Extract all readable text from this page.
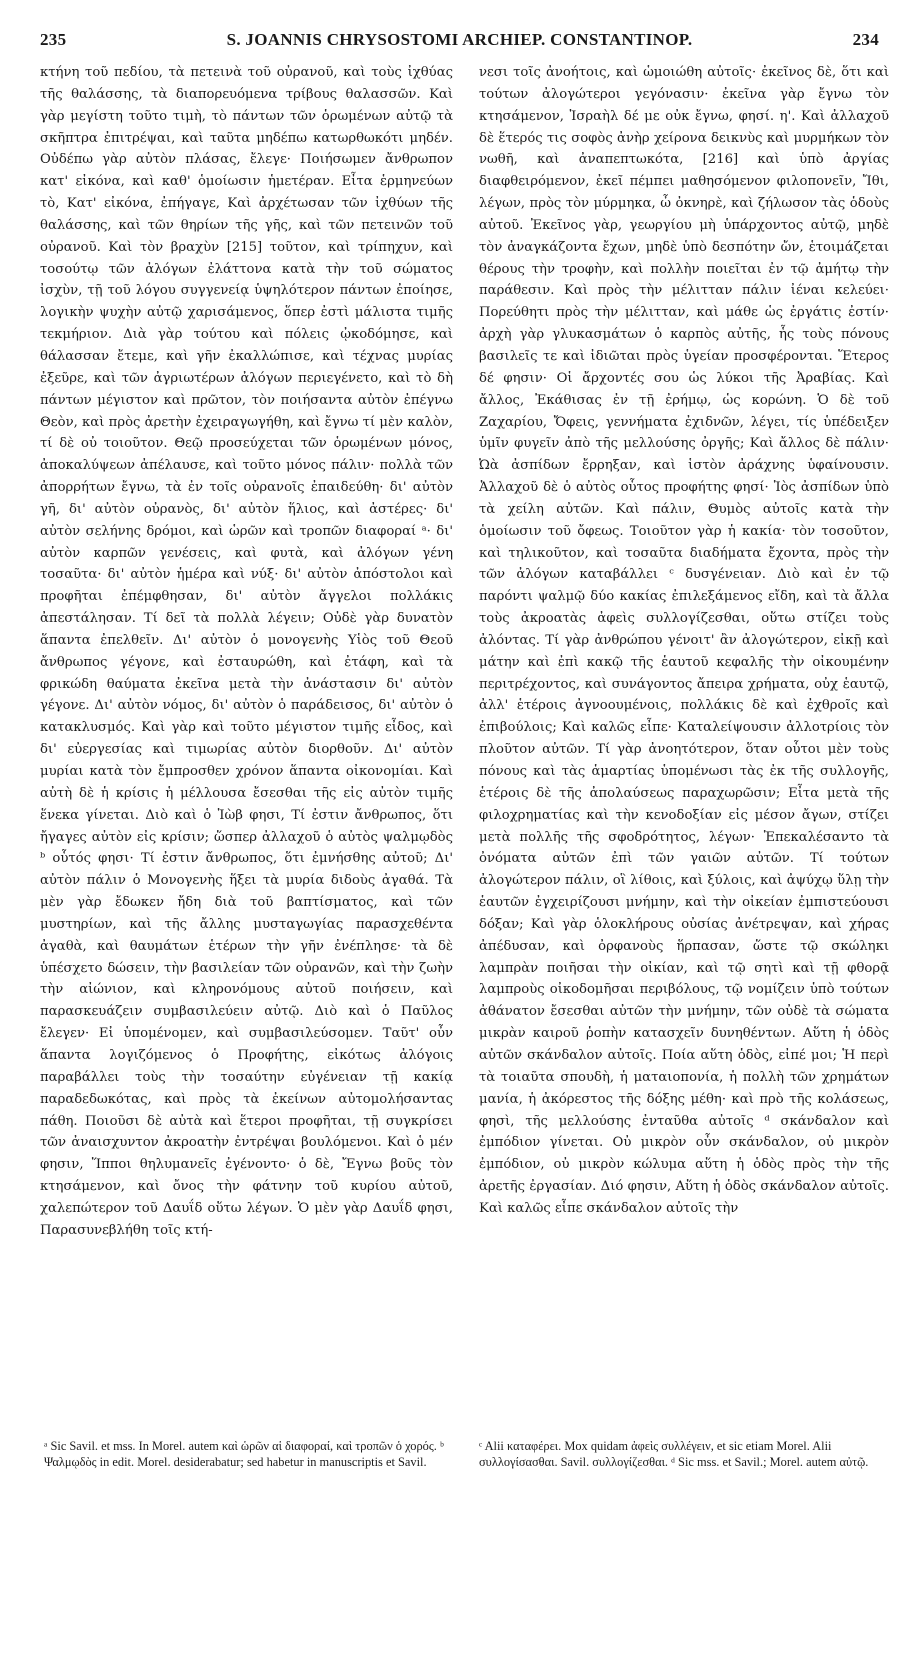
235	S. JOANNIS CHRYSOSTOMI ARCHIEP. CONSTANTINOP.	234

κτήνη τοῦ πεδίου, τὰ πετεινὰ τοῦ οὐρανοῦ, καὶ τοὺς ἰχθύας τῆς θαλάσσης, τὰ διαπορευόμενα τρίβους θαλασσῶν. Καὶ γὰρ μεγίστη τοῦτο τιμὴ, τὸ πάντων τῶν ὁρωμένων αὐτῷ τὰ σκῆπτρα ἐπιτρέψαι, καὶ ταῦτα μηδέπω κατωρθωκότι μηδέν. Οὐδέπω γὰρ αὐτὸν πλάσας, ἔλεγε· Ποιήσωμεν ἄνθρωπον κατ' εἰκόνα, καὶ καθ' ὁμοίωσιν ἡμετέραν. Εἶτα ἑρμηνεύων τὸ, Κατ' εἰκόνα, ἐπήγαγε, Καὶ ἀρχέτωσαν τῶν ἰχθύων τῆς θαλάσσης, καὶ τῶν θηρίων τῆς γῆς, καὶ τῶν πετεινῶν τοῦ οὐρανοῦ. Καὶ τὸν βραχὺν [215] τοῦτον, καὶ τρίπηχυν, καὶ τοσούτῳ τῶν ἀλόγων ἐλάττονα κατὰ τὴν τοῦ σώματος ἰσχὺν, τῇ τοῦ λόγου συγγενείᾳ ὑψηλότερον πάντων ἐποίησε, λογικὴν ψυχὴν αὐτῷ χαρισάμενος, ὅπερ ἐστὶ μάλιστα τιμῆς τεκμήριον. Διὰ γὰρ τούτου καὶ πόλεις ᾠκοδόμησε, καὶ θάλασσαν ἔτεμε, καὶ γῆν ἐκαλλώπισε, καὶ τέχνας μυρίας ἐξεῦρε, καὶ τῶν ἀγριωτέρων ἀλόγων περιεγένετο, καὶ τὸ δὴ πάντων μέγιστον καὶ πρῶτον, τὸν ποιήσαντα αὐτὸν ἐπέγνω Θεὸν, καὶ πρὸς ἀρετὴν ἐχειραγωγήθη, καὶ ἔγνω τί μὲν καλὸν, τί δὲ οὐ τοιοῦτον. Θεῷ προσεύχεται τῶν ὁρωμένων μόνος, ἀποκαλύψεων ἀπέλαυσε, καὶ τοῦτο μόνος πάλιν· πολλὰ τῶν ἀπορρήτων ἔγνω, τὰ ἐν τοῖς οὐρανοῖς ἐπαιδεύθη· δι' αὐτὸν γῆ, δι' αὐτὸν οὐρανὸς, δι' αὐτὸν ἥλιος, καὶ ἀστέρες· δι' αὐτὸν σελήνης δρόμοι, καὶ ὡρῶν καὶ τροπῶν διαφοραί ᵃ· δι' αὐτὸν καρπῶν γενέσεις, καὶ φυτὰ, καὶ ἀλόγων γένη τοσαῦτα· δι' αὐτὸν ἡμέρα καὶ νύξ· δι' αὐτὸν ἀπόστολοι καὶ προφῆται ἐπέμφθησαν, δι' αὐτὸν ἄγγελοι πολλάκις ἀπεστάλησαν. Τί δεῖ τὰ πολλὰ λέγειν; Οὐδὲ γὰρ δυνατὸν ἅπαντα ἐπελθεῖν. Δι' αὐτὸν ὁ μονογενὴς Υἱὸς τοῦ Θεοῦ ἄνθρωπος γέγονε, καὶ ἐσταυρώθη, καὶ ἐτάφη, καὶ τὰ φρικώδη θαύματα ἐκεῖνα μετὰ τὴν ἀνάστασιν δι' αὐτὸν γέγονε. Δι' αὐτὸν νόμος, δι' αὐτὸν ὁ παράδεισος, δι' αὐτὸν ὁ κατακλυσμός. Καὶ γὰρ καὶ τοῦτο μέγιστον τιμῆς εἶδος, καὶ δι' εὐεργεσίας καὶ τιμωρίας αὐτὸν διορθοῦν. Δι' αὐτὸν μυρίαι κατὰ τὸν ἔμπροσθεν χρόνον ἅπαντα οἰκονομίαι. Καὶ αὐτὴ δὲ ἡ κρίσις ἡ μέλλουσα ἔσεσθαι τῆς εἰς αὐτὸν τιμῆς ἕνεκα γίνεται. Διὸ καὶ ὁ Ἰὼβ φησι, Τί ἐστιν ἄνθρωπος, ὅτι ἤγαγες αὐτὸν εἰς κρίσιν; ὥσπερ ἀλλαχοῦ ὁ αὐτὸς ψαλμῳδὸς ᵇ οὗτός φησι· Τί ἐστιν ἄνθρωπος, ὅτι ἐμνήσθης αὐτοῦ; Δι' αὐτὸν πάλιν ὁ Μονογενὴς ἥξει τὰ μυρία διδοὺς ἀγαθά. Τὰ μὲν γὰρ ἔδωκεν ἤδη διὰ τοῦ βαπτίσματος, καὶ τῶν μυστηρίων, καὶ τῆς ἄλλης μυσταγωγίας παρασχεθέντα ἀγαθὰ, καὶ θαυμάτων ἑτέρων τὴν γῆν ἐνέπλησε· τὰ δὲ ὑπέσχετο δώσειν, τὴν βασιλείαν τῶν οὐρανῶν, καὶ τὴν ζωὴν τὴν αἰώνιον, καὶ κληρονόμους αὐτοῦ ποιήσειν, καὶ παρασκευάζειν συμβασιλεύειν αὐτῷ. Διὸ καὶ ὁ Παῦλος ἔλεγεν· Εἰ ὑπομένομεν, καὶ συμβασιλεύσομεν. Ταῦτ' οὖν ἅπαντα λογιζόμενος ὁ Προφήτης, εἰκότως ἀλόγοις παραβάλλει τοὺς τὴν τοσαύτην εὐγένειαν τῇ κακίᾳ παραδεδωκότας, καὶ πρὸς τὰ ἐκείνων αὐτομολήσαντας πάθη. Ποιοῦσι δὲ αὐτὰ καὶ ἕτεροι προφῆται, τῇ συγκρίσει τῶν ἀναισχυντον ἀκροατὴν ἐντρέψαι βουλόμενοι. Καὶ ὁ μέν φησιν, Ἵπποι θηλυμανεῖς ἐγένοντο· ὁ δὲ, Ἔγνω βοῦς τὸν κτησάμενον, καὶ ὄνος τὴν φάτνην τοῦ κυρίου αὐτοῦ, χαλεπώτερον τοῦ Δαυΐδ οὕτω λέγων. Ὁ μὲν γὰρ Δαυΐδ φησι, Παρασυνεβλήθη τοῖς κτή-

νεσι τοῖς ἀνοήτοις, καὶ ὡμοιώθη αὐτοῖς· ἐκεῖνος δὲ, ὅτι καὶ τούτων ἀλογώτεροι γεγόνασιν· ἐκεῖνα γὰρ ἔγνω τὸν κτησάμενον, Ἰσραὴλ δέ με οὐκ ἔγνω, φησί. η'. Καὶ ἀλλαχοῦ δὲ ἕτερός τις σοφὸς ἀνὴρ χείρονα δεικνὺς καὶ μυρμήκων τὸν νωθῆ, καὶ ἀναπεπτωκότα, [216] καὶ ὑπὸ ἀργίας διαφθειρόμενον, ἐκεῖ πέμπει μαθησόμενον φιλοπονεῖν, Ἴθι, λέγων, πρὸς τὸν μύρμηκα, ὦ ὀκνηρὲ, καὶ ζήλωσον τὰς ὁδοὺς αὐτοῦ. Ἐκεῖνος γὰρ, γεωργίου μὴ ὑπάρχοντος αὐτῷ, μηδὲ τὸν ἀναγκάζοντα ἔχων, μηδὲ ὑπὸ δεσπότην ὤν, ἑτοιμάζεται θέρους τὴν τροφὴν, καὶ πολλὴν ποιεῖται ἐν τῷ ἀμήτῳ τὴν παράθεσιν. Καὶ πρὸς τὴν μέλιτταν πάλιν ἰέναι κελεύει· Πορεύθητι πρὸς τὴν μέλιτταν, καὶ μάθε ὡς ἐργάτις ἐστίν· ἀρχὴ γὰρ γλυκασμάτων ὁ καρπὸς αὐτῆς, ἧς τοὺς πόνους βασιλεῖς τε καὶ ἰδιῶται πρὸς ὑγείαν προσφέρονται. Ἕτερος δέ φησιν· Οἱ ἄρχοντές σου ὡς λύκοι τῆς Ἀραβίας. Καὶ ἄλλος, Ἐκάθισας ἐν τῇ ἐρήμῳ, ὡς κορώνη. Ὁ δὲ τοῦ Ζαχαρίου, Ὄφεις, γεννήματα ἐχιδνῶν, λέγει, τίς ὑπέδειξεν ὑμῖν φυγεῖν ἀπὸ τῆς μελλούσης ὀργῆς; Καὶ ἄλλος δὲ πάλιν· Ὠὰ ἀσπίδων ἔρρηξαν, καὶ ἱστὸν ἀράχνης ὑφαίνουσιν. Ἀλλαχοῦ δὲ ὁ αὐτὸς οὗτος προφήτης φησί· Ἰὸς ἀσπίδων ὑπὸ τὰ χείλη αὐτῶν. Καὶ πάλιν, Θυμὸς αὐτοῖς κατὰ τὴν ὁμοίωσιν τοῦ ὄφεως. Τοιοῦτον γὰρ ἡ κακία· τὸν τοσοῦτον, καὶ τηλικοῦτον, καὶ τοσαῦτα διαδήματα ἔχοντα, πρὸς τὴν τῶν ἀλόγων καταβάλλει ᶜ δυσγένειαν. Διὸ καὶ ἐν τῷ παρόντι ψαλμῷ δύο κακίας ἐπιλεξάμενος εἴδη, καὶ τὰ ἄλλα τοὺς ἀκροατὰς ἀφεὶς συλλογίζεσθαι, οὕτω στίζει τοὺς ἀλόντας. Τί γὰρ ἀνθρώπου γένοιτ' ἂν ἀλογώτερον, εἰκῇ καὶ μάτην καὶ ἐπὶ κακῷ τῆς ἑαυτοῦ κεφαλῆς τὴν οἰκουμένην περιτρέχοντος, καὶ συνάγοντος ἄπειρα χρήματα, οὐχ ἑαυτῷ, ἀλλ' ἑτέροις ἀγνοουμένοις, πολλάκις δὲ καὶ ἐχθροῖς καὶ ἐπιβούλοις; Καὶ καλῶς εἶπε· Καταλείψουσιν ἀλλοτρίοις τὸν πλοῦτον αὐτῶν. Τί γὰρ ἀνοητότερον, ὅταν οὗτοι μὲν τοὺς πόνους καὶ τὰς ἁμαρτίας ὑπομένωσι τὰς ἐκ τῆς συλλογῆς, ἑτέροις δὲ τῆς ἀπολαύσεως παραχωρῶσιν; Εἶτα μετὰ τῆς φιλοχρηματίας καὶ τὴν κενοδοξίαν εἰς μέσον ἄγων, στίζει μετὰ πολλῆς τῆς σφοδρότητος, λέγων· Ἐπεκαλέσαντο τὰ ὀνόματα αὐτῶν ἐπὶ τῶν γαιῶν αὐτῶν. Τί τούτων ἀλογώτερον πάλιν, οἳ λίθοις, καὶ ξύλοις, καὶ ἀψύχῳ ὕλῃ τὴν ἑαυτῶν ἐγχειρίζουσι μνήμην, καὶ τὴν οἰκείαν ἐμπιστεύουσι δόξαν; Καὶ γὰρ ὁλοκλήρους οὐσίας ἀνέτρεψαν, καὶ χήρας ἀπέδυσαν, καὶ ὀρφανοὺς ἥρπασαν, ὥστε τῷ σκώληκι λαμπρὰν ποιῆσαι τὴν οἰκίαν, καὶ τῷ σητὶ καὶ τῇ φθορᾷ λαμπροὺς οἰκοδομῆσαι περιβόλους, τῷ νομίζειν ὑπὸ τούτων ἀθάνατον ἔσεσθαι αὐτῶν τὴν μνήμην, τῶν οὐδὲ τὰ σώματα μικρὰν καιροῦ ῥοπὴν κατασχεῖν δυνηθέντων. Αὕτη ἡ ὁδὸς αὐτῶν σκάνδαλον αὐτοῖς. Ποία αὕτη ὁδὸς, εἰπέ μοι; Ἡ περὶ τὰ τοιαῦτα σπουδὴ, ἡ ματαιοπονία, ἡ πολλὴ τῶν χρημάτων μανία, ἡ ἀκόρεστος τῆς δόξης μέθη· καὶ πρὸ τῆς κολάσεως, φησὶ, τῆς μελλούσης ἐνταῦθα αὐτοῖς ᵈ σκάνδαλον καὶ ἐμπόδιον γίνεται. Οὐ μικρὸν οὖν σκάνδαλον, οὐ μικρὸν ἐμπόδιον, οὐ μικρὸν κώλυμα αὕτη ἡ ὁδὸς πρὸς τὴν τῆς ἀρετῆς ἐργασίαν. Διό φησιν, Αὕτη ἡ ὁδὸς σκάνδαλον αὐτοῖς. Καὶ καλῶς εἶπε σκάνδαλον αὐτοῖς τὴν

ᵃ Sic Savil. et mss. In Morel. autem καὶ ὡρῶν αἱ διαφοραί, καὶ τροπῶν ὁ χορός. ᵇ Ψαλμῳδὸς in edit. Morel. desiderabatur; sed habetur in manuscriptis et Savil.

ᶜ Alii καταφέρει. Mox quidam ἀφεὶς συλλέγειν, et sic etiam Morel. Alii συλλογίσασθαι. Savil. συλλογίζεσθαι. ᵈ Sic mss. et Savil.; Morel. autem αὐτῷ.
